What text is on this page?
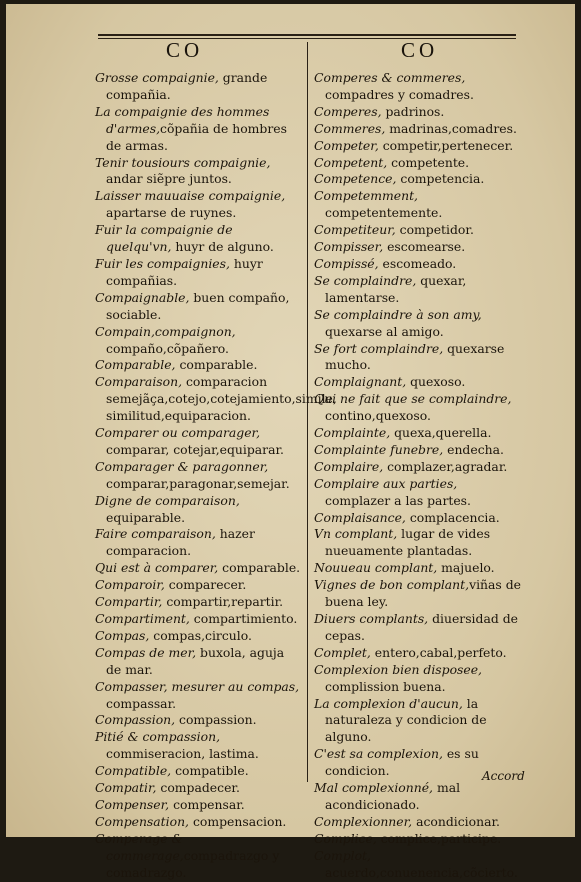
CO	CO

Grosse compaignie, grande compañia.

La compaignie des hommes d'armes,cõpañia de hombres de armas.

Tenir tousiours compaignie, andar siẽpre juntos.

Laisser mauuaise compaignie, apartarse de ruynes.

Fuir la compaignie de quelqu'vn, huyr de alguno.

Fuir les compaignies, huyr compañias.

Compaignable, buen compaño, sociable.

Compain,compaignon, compaño,cõpañero.

Comparable, comparable.

Comparaison, comparacion semejãça,cotejo,cotejamiento,simile, similitud,equiparacion.

Comparer ou comparager, comparar, cotejar,equiparar.

Comparager & paragonner, comparar,paragonar,semejar.

Digne de comparaison, equiparable.

Faire comparaison, hazer comparacion.

Qui est à comparer, comparable.

Comparoir, comparecer.

Compartir, compartir,repartir.

Compartiment, compartimiento.

Compas, compas,circulo.

Compas de mer, buxola, aguja de mar.

Compasser, mesurer au compas, compassar.

Compassion, compassion.

Pitié & compassion, commiseracion, lastima.

Compatible, compatible.

Compatir, compadecer.

Compenser, compensar.

Compensation, compensacion.

Comperage & commerage,compadrazgo y comadrazgo.

Comperes & commeres, compadres y comadres.

Comperes, padrinos.

Commeres, madrinas,comadres.

Competer, competir,pertenecer.

Competent, competente.

Competence, competencia.

Competemment, competentemente.

Competiteur, competidor.

Compisser, escomearse.

Compissé, escomeado.

Se complaindre, quexar, lamentarse.

Se complaindre à son amy, quexarse al amigo.

Se fort complaindre, quexarse mucho.

Complaignant, quexoso.

Qui ne fait que se complaindre, contino,quexoso.

Complainte, quexa,querella.

Complainte funebre, endecha.

Complaire, complazer,agradar.

Complaire aux parties, complazer a las partes.

Complaisance, complacencia.

Vn complant, lugar de vides nueuamente plantadas.

Nouueau complant, majuelo.

Vignes de bon complant,viñas de buena ley.

Diuers complants, diuersidad de cepas.

Complet, entero,cabal,perfeto.

Complexion bien disposee, complission buena.

La complexion d'aucun, la naturaleza y condicion de alguno.

C'est sa complexion, es su condicion.

Mal complexionné, mal acondicionado.

Complexionner, acondicionar.

Complice, complice,participe.

Complot, acuerdo,conuenencia,cõcierto.

Accord
